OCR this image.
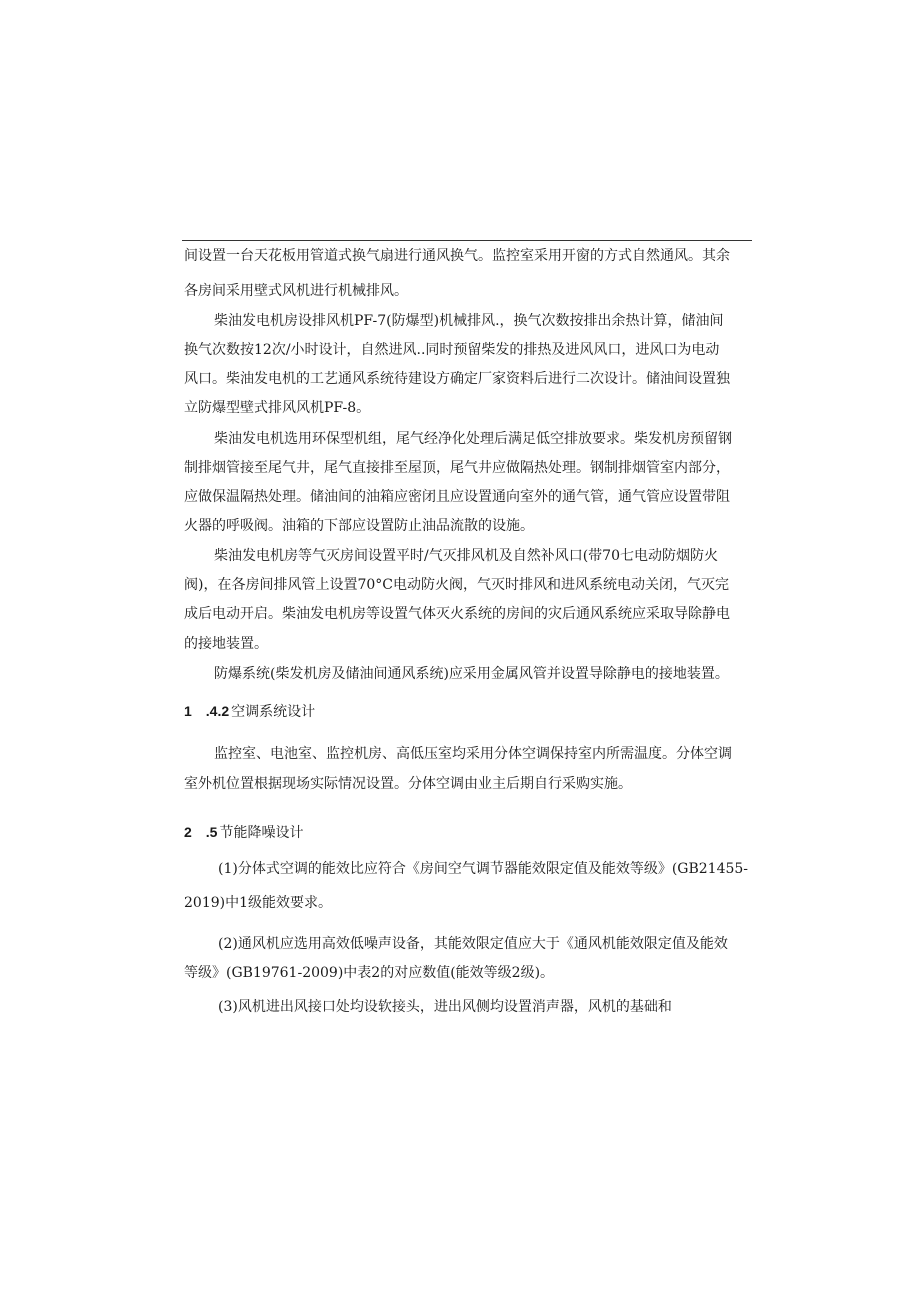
间设置一台天花板用管道式换气扇进行通风换气。监控室采用开窗的方式自然通风。其余
各房间采用壁式风机进行机械排风。
柴油发电机房设排风机PF-7(防爆型)机械排风.，换气次数按排出余热计算，储油间
换气次数按12次/小时设计，自然进风..同时预留柴发的排热及进风风口，进风口为电动
风口。柴油发电机的工艺通风系统待建设方确定厂家资料后进行二次设计。储油间设置独
立防爆型壁式排风风机PF-8。
柴油发电机选用环保型机组，尾气经净化处理后满足低空排放要求。柴发机房预留钢
制排烟管接至尾气井，尾气直接排至屋顶，尾气井应做隔热处理。钢制排烟管室内部分，
应做保温隔热处理。储油间的油箱应密闭且应设置通向室外的通气管，通气管应设置带阻
火器的呼吸阀。油箱的下部应设置防止油品流散的设施。
柴油发电机房等气灭房间设置平时/气灭排风机及自然补风口(带70七电动防烟防火
阀)，在各房间排风管上设置70°C电动防火阀，气灭时排风和进风系统电动关闭，气灭完
成后电动开启。柴油发电机房等设置气体灭火系统的房间的灾后通风系统应采取导除静电
的接地装置。
防爆系统(柴发机房及储油间通风系统)应采用金属风管并设置导除静电的接地装置。
1　.4.2 空调系统设计
监控室、电池室、监控机房、高低压室均采用分体空调保持室内所需温度。分体空调
室外机位置根据现场实际情况设置。分体空调由业主后期自行采购实施。
2　.5 节能降噪设计
(1)分体式空调的能效比应符合《房间空气调节器能效限定值及能效等级》(GB21455-
2019)中1级能效要求。
(2)通风机应选用高效低噪声设备，其能效限定值应大于《通风机能效限定值及能效
等级》(GB19761-2009)中表2的对应数值(能效等级2级)。
(3)风机进出风接口处均设软接头，进出风侧均设置消声器，风机的基础和
